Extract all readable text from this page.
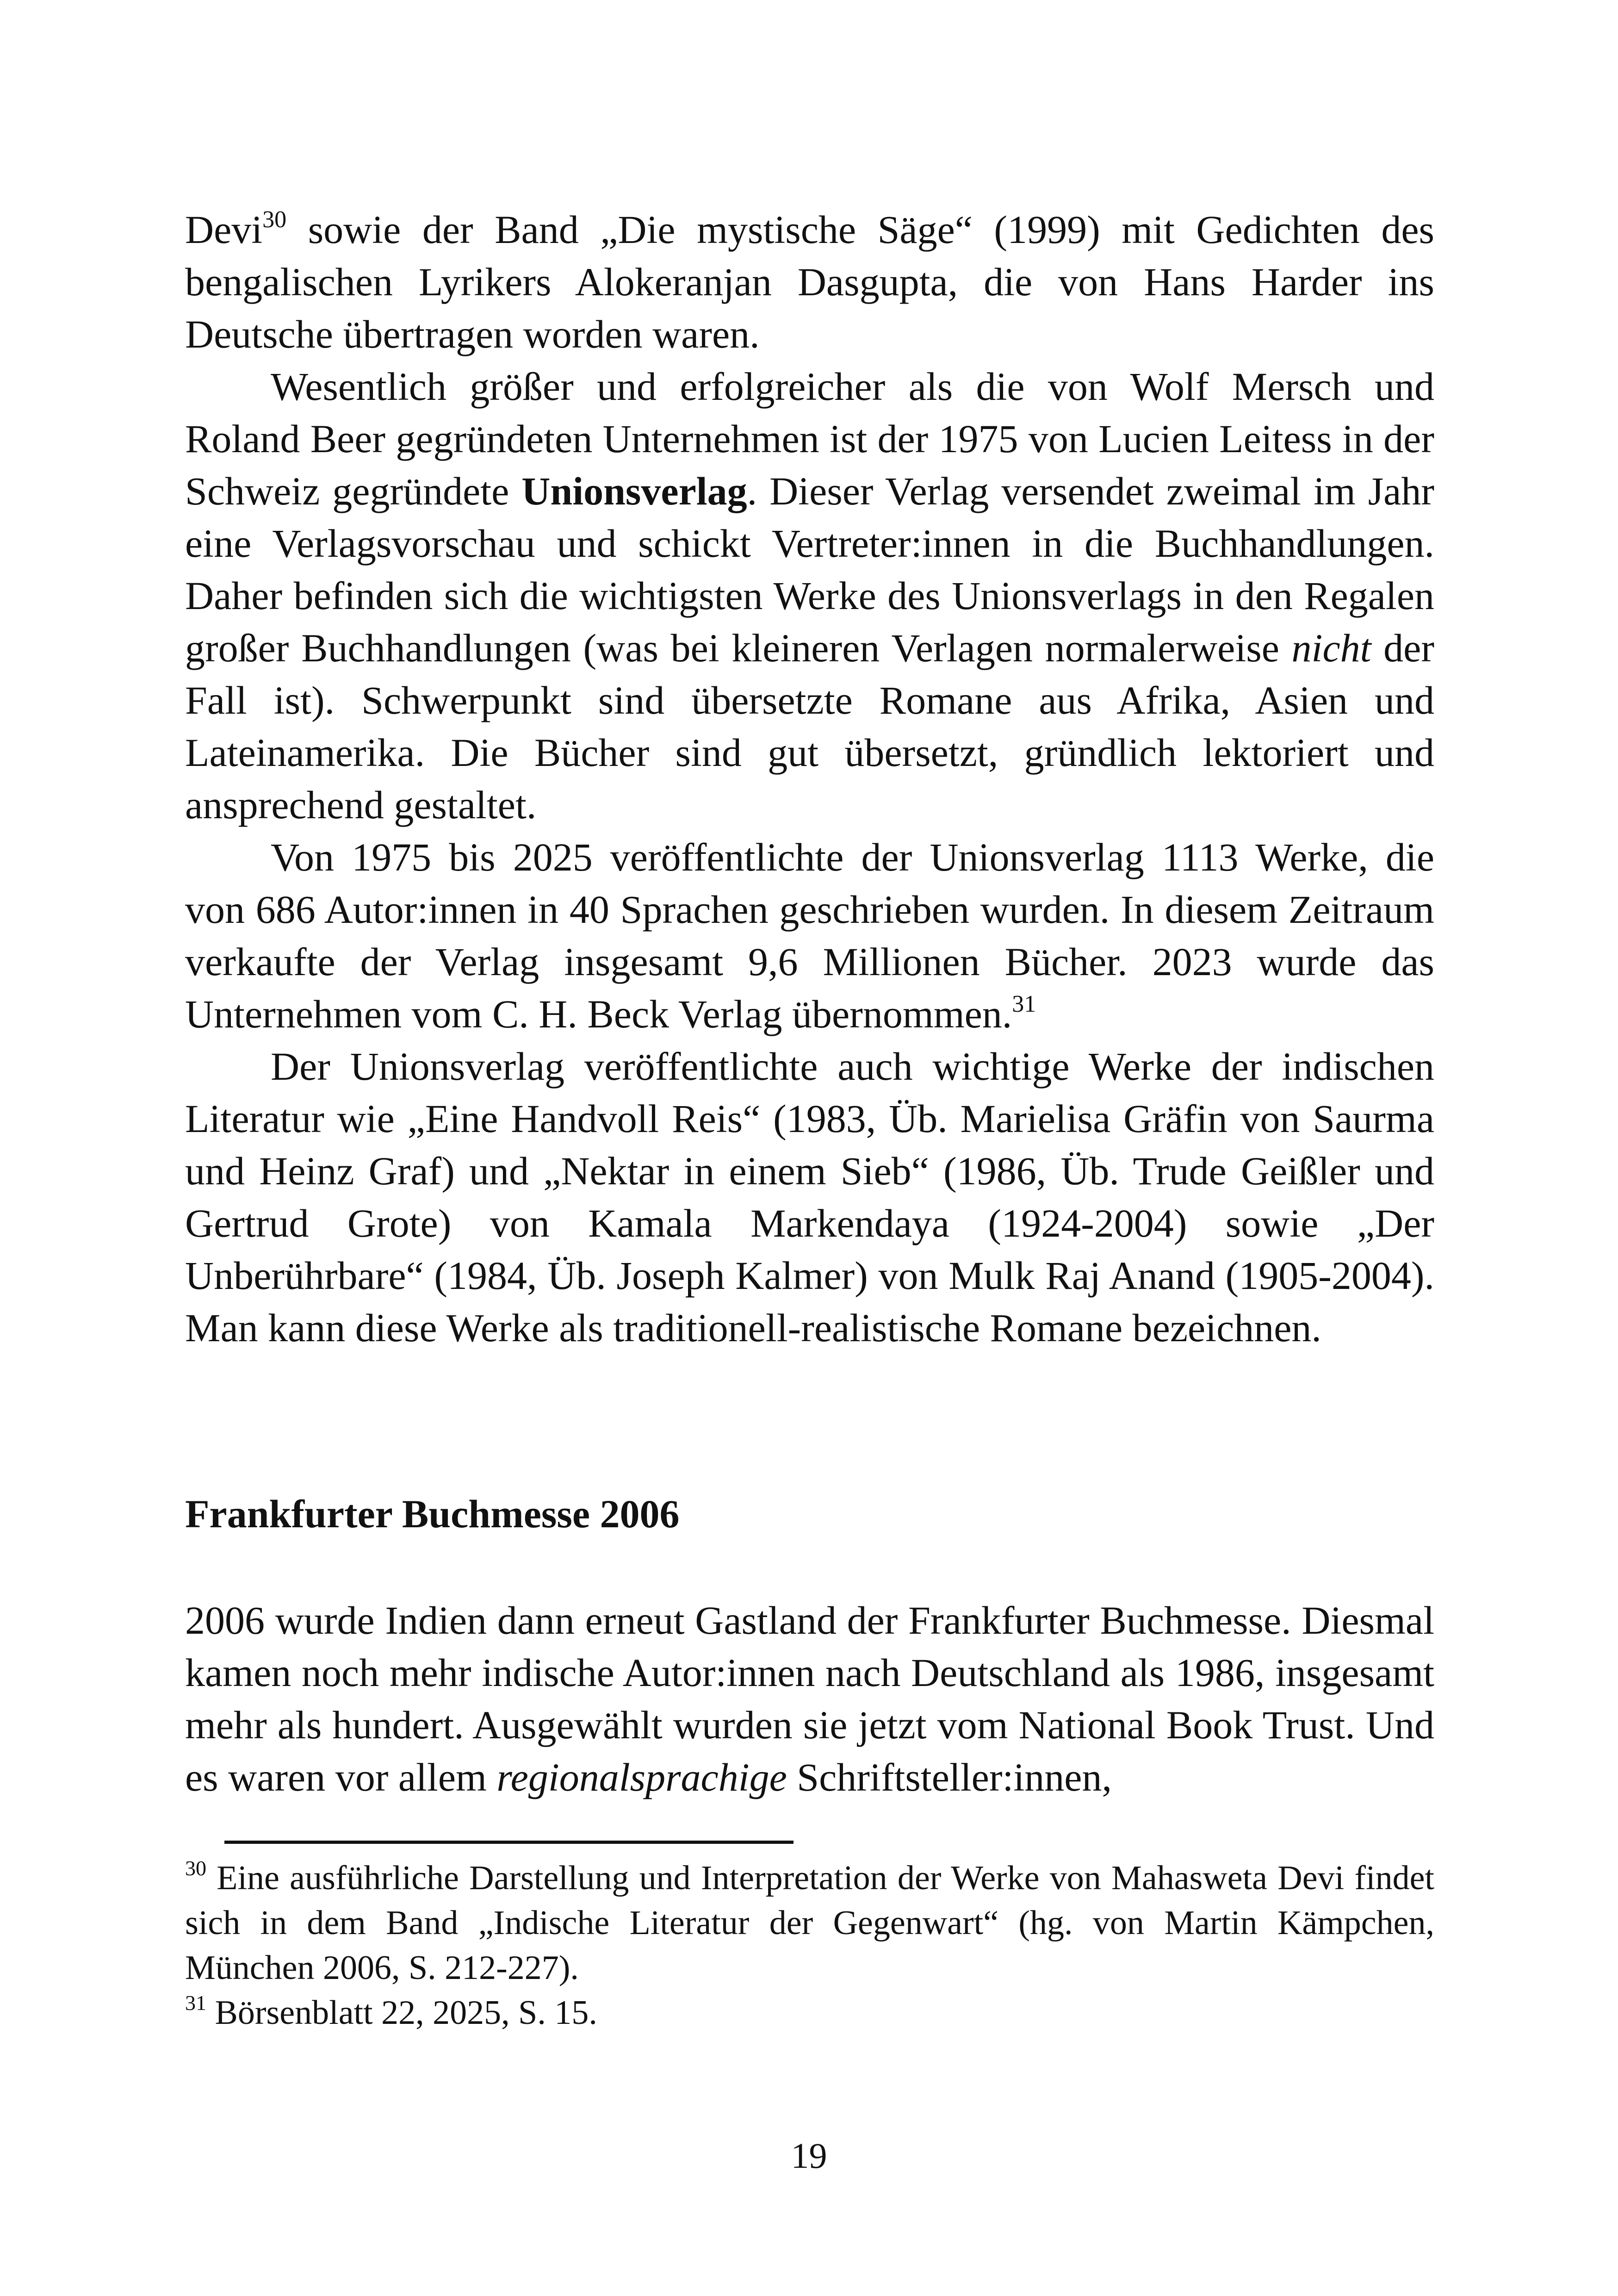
Devi$^{30}$ sowie der Band „Die mystische Säge“ (1999) mit Gedichten des bengalischen Lyrikers Alokeranjan Dasgupta, die von Hans Harder ins Deutsche übertragen worden waren.

Wesentlich größer und erfolgreicher als die von Wolf Mersch und Roland Beer gegründeten Unternehmen ist der 1975 von Lucien Leitess in der Schweiz gegründete Unionsverlag. Dieser Verlag versendet zweimal im Jahr eine Verlagsvorschau und schickt Vertreter:innen in die Buchhandlungen. Daher befinden sich die wichtigsten Werke des Unionsverlags in den Regalen großer Buchhandlungen (was bei kleineren Verlagen normalerweise nicht der Fall ist). Schwerpunkt sind übersetzte Romane aus Afrika, Asien und Lateinamerika. Die Bücher sind gut übersetzt, gründlich lektoriert und ansprechend gestaltet.

Von 1975 bis 2025 veröffentlichte der Unionsverlag 1113 Werke, die von 686 Autor:innen in 40 Sprachen geschrieben wurden. In diesem Zeitraum verkaufte der Verlag insgesamt 9,6 Millionen Bücher. 2023 wurde das Unternehmen vom C. H. Beck Verlag übernommen.$^{31}$

Der Unionsverlag veröffentlichte auch wichtige Werke der indischen Literatur wie „Eine Handvoll Reis“ (1983, Üb. Marielisa Gräfin von Saurma und Heinz Graf) und „Nektar in einem Sieb“ (1986, Üb. Trude Geißler und Gertrud Grote) von Kamala Markendaya (1924-2004) sowie „Der Unberührbare“ (1984, Üb. Joseph Kalmer) von Mulk Raj Anand (1905-2004). Man kann diese Werke als traditionell-realistische Romane bezeichnen.

Frankfurter Buchmesse 2006

2006 wurde Indien dann erneut Gastland der Frankfurter Buchmesse. Diesmal kamen noch mehr indische Autor:innen nach Deutschland als 1986, insgesamt mehr als hundert. Ausgewählt wurden sie jetzt vom National Book Trust. Und es waren vor allem regionalsprachige Schriftsteller:innen,

$^{30}$ Eine ausführliche Darstellung und Interpretation der Werke von Mahasweta Devi findet sich in dem Band „Indische Literatur der Gegenwart“ (hg. von Martin Kämpchen, München 2006, S. 212-227).

$^{31}$ Börsenblatt 22, 2025, S. 15.

19
